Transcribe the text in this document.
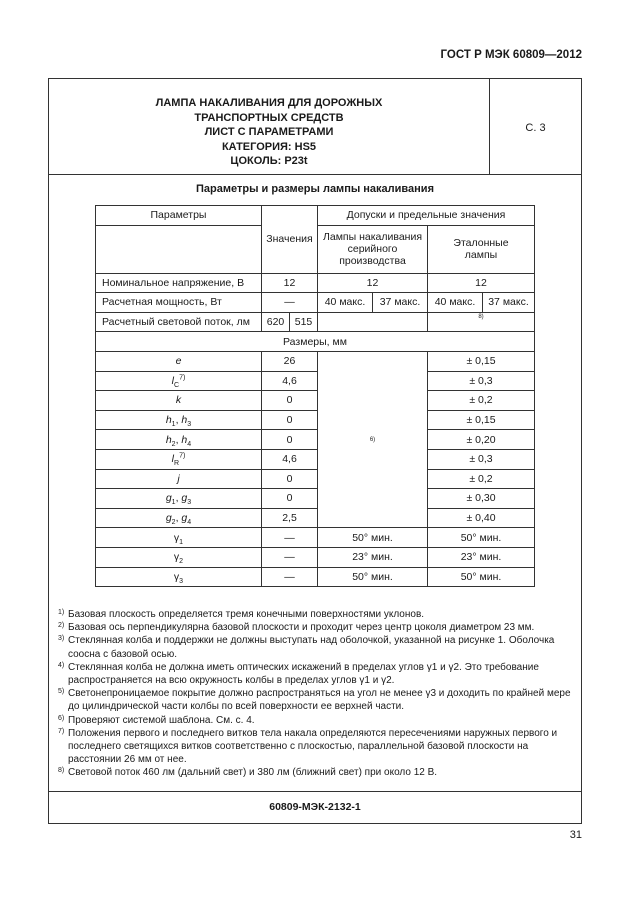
ГОСТ Р МЭК 60809—2012
ЛАМПА НАКАЛИВАНИЯ ДЛЯ ДОРОЖНЫХ
ТРАНСПОРТНЫХ СРЕДСТВ
ЛИСТ С ПАРАМЕТРАМИ
КАТЕГОРИЯ: HS5
ЦОКОЛЬ: P23t
С. 3
Параметры и размеры лампы накаливания
Параметры	Значения		Допуски и предельные значения			
			Лампы накаливания серийного производства		Эталонные лампы	
Номинальное напряжение, В	12		12		12	
Расчетная мощность, Вт	—		40 макс.	37 макс.	40 макс.	37 макс.
Расчетный световой поток, лм	620	515			8)	
Размеры, мм						
e	26		6)		± 0,15	
$l_C^{7)}$	4,6				± 0,3	
k	0				± 0,2	
$h_1$, $h_3$	0				± 0,15	
$h_2$, $h_4$	0				± 0,20	
$l_R^{7)}$	4,6				± 0,3	
j	0				± 0,2	
$g_1$, $g_3$	0				± 0,30	
$g_2$, $g_4$	2,5				± 0,40	
$\gamma_1$	—		50° мин.		50° мин.	
$\gamma_2$	—		23° мин.		23° мин.	
$\gamma_3$	—		50° мин.		50° мин.	
1) Базовая плоскость определяется тремя конечными поверхностями уклонов.
2) Базовая ось перпендикулярна базовой плоскости и проходит через центр цоколя диаметром 23 мм.
3) Стеклянная колба и поддержки не должны выступать над оболочкой, указанной на рисунке 1. Оболочка соосна с базовой осью.
4) Стеклянная колба не должна иметь оптических искажений в пределах углов γ1 и γ2. Это требование распространяется на всю окружность колбы в пределах углов γ1 и γ2.
5) Светонепроницаемое покрытие должно распространяться на угол не менее γ3 и доходить по крайней мере до цилиндрической части колбы по всей поверхности ее верхней части.
6) Проверяют системой шаблона. См. с. 4.
7) Положения первого и последнего витков тела накала определяются пересечениями наружных первого и последнего светящихся витков соответственно с плоскостью, параллельной базовой плоскости на расстоянии 26 мм от нее.
8) Световой поток 460 лм (дальний свет) и 380 лм (ближний свет) при около 12 В.
60809-МЭК-2132-1
31
